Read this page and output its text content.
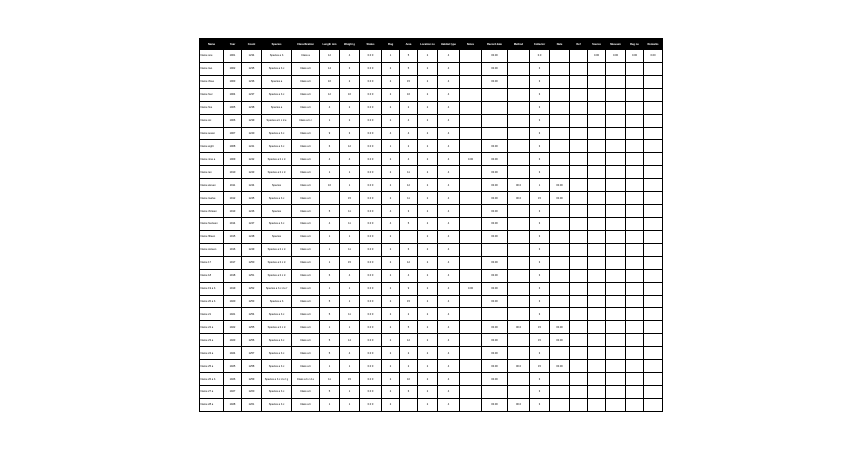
Name	Year	Count	Species	Classification	Length mm	Weight g	Status	Flag	Area	Location no	Habitat type	Notes	Record date	Method	Collector	Date	Ref	Source	Museum	Reg no	Remarks
Name one	1901	1234	Species a b	Class a	12	4	0.0 0	1	5	2	4		00.00		0.0			0.00	0.00	0.00	0.00
Name two	1902	1235	Species a b c	Class a b	14	3	0.0 0	2	5	2	4		00.00		3						
Name three	1903	1236	Species a	Class a b	16	2	0.0 0	2	15	2	4		00.00		3						
Name four	1904	1237	Species a b c	Class a b	12	16	0.0 0	2	16	2	4				3						
Name five	1905	1238	Species a	Class a b	4	2	0.0 0	2	2	2	4				3						
Name six	1906	1239	Species a b c d e	Class a b c	1	2	0.0 0	2	4	2	4				3						
Name seven	1907	1240	Species a b c	Class a b	9	3	0.0 0	4	4	2	4				3						
Name eight	1908	1241	Species a b c	Class a b	6	12	0.0 0	1	2	2	4		00.00		3						
Name nine a	1909	1242	Species a b c d	Class a b	4	4	0.0 0	2	4	2	4	0.00	00.00		3						
Name ten	1910	1243	Species a b c d	Class a b	1	1	0.0 0	2	11	2	4		00.00		3						
Name eleven	1911	1244	Species	Class a b	16	1	0.0 0	2	12	2	4		00.00	00.0	1	00.00					
Name twelve	1912	1245	Species a b c	Class a b		15	0.0 0	2	11	2	4		00.00	00.0	15	00.00					
Name thirteen	1913	1246	Species	Class a b	5	11	0.0 0	4	3	2	4		00.00		3						
Name fourteen	1914	1247	Species a b c	Class a b	4	11	0.0 0	4	5	2	4		00.00		3						
Name fifteen	1915	1248	Species	Class a b	1	1	0.0 0	2		2	4		00.00		3						
Name sixteen	1916	1249	Species a b c d	Class a b	1	11	0.0 0	2	6	2	4				3						
Name 17	1917	1250	Species a b c d	Class a b	1	15	0.0 0	2	12	2	4		00.00		3						
Name 18	1918	1251	Species a b c d	Class a b	6	4	0.0 0	2	4	2	4		00.00		3						
Name 19 a b	1919	1252	Species a b c d e f	Class a b	1	1	0.0 0	2	9	2	4	0.00	00.00		3						
Name 20 a b	1920	1253	Species a b	Class a b	5	1	0.0 0	2	15	2	4		00.00		3						
Name 21	1921	1254	Species a b c	Class a b	5	11	0.0 0	2	2	2	4				3						
Name 22 a	1922	1255	Species a b c d	Class a b	1	1	0.0 0	2	5	2	4		00.00	00.0	15	00.00					
Name 23 a	1923	1256	Species a b c	Class a b	5	14	0.0 0	2	12	2	4		00.00		15	00.00					
Name 24 a	1924	1257	Species a b c	Class a b	5	4	0.0 0	2	2	2	4		00.00		3						
Name 25 a	1925	1258	Species a b c	Class a b	1	1	0.0 0	2	2	2	4		00.00	00.0	15	00.00					
Name 26 a b	1926	1259	Species a b c d e f g	Class a b c d e	11	15	0.0 0	2	10	2	4		00.00		3						
Name 27 a	1927	1260	Species a b c	Class a b	5	1	0.0 0	2	6	2	4				3						
Name 28 a	1928	1261	Species a b c	Class a b	1	1	0.0 0	2		2	4		00.00	00.0	3						
